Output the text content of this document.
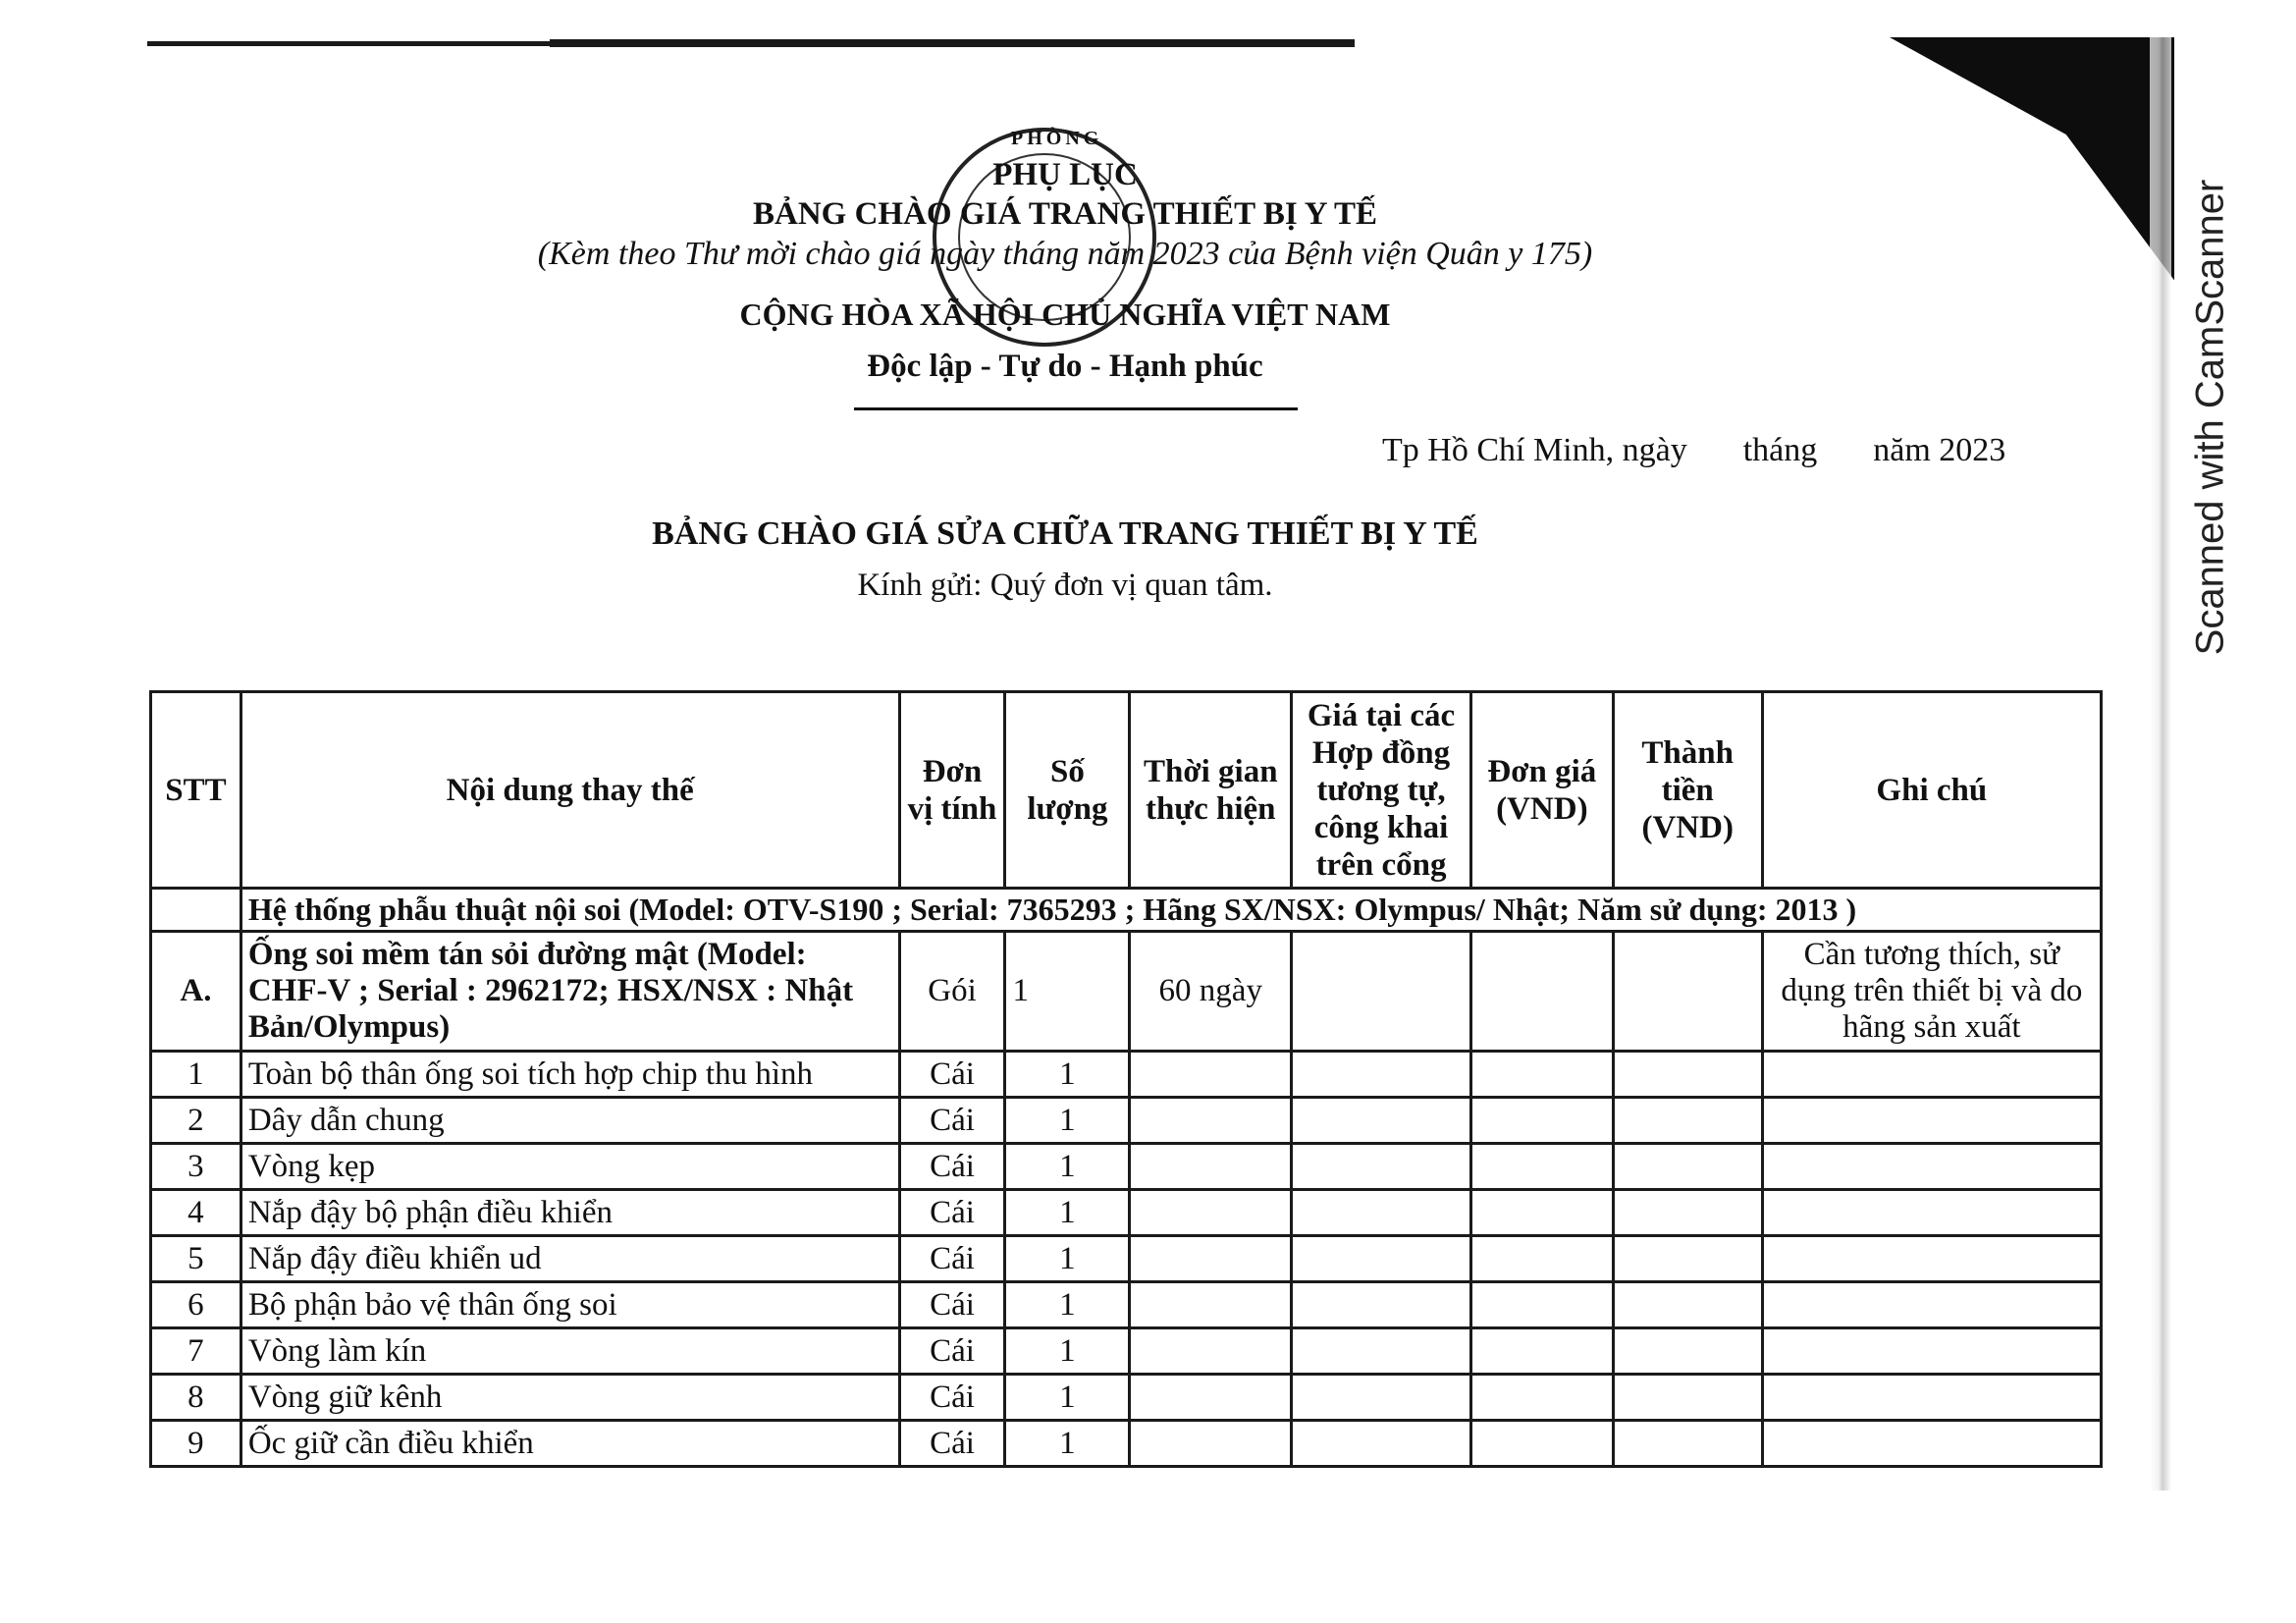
Scanned with CamScanner
PHÒNG
PHỤ LỤC
BẢNG CHÀO GIÁ TRANG THIẾT BỊ Y TẾ
(Kèm theo Thư mời chào giá ngày tháng năm 2023 của Bệnh viện Quân y 175)
CỘNG HÒA XÃ HỘI CHỦ NGHĨA VIỆT NAM
Độc lập - Tự do - Hạnh phúc
Tp Hồ Chí Minh, ngày tháng năm 2023
BẢNG CHÀO GIÁ SỬA CHỮA TRANG THIẾT BỊ Y TẾ
Kính gửi: Quý đơn vị quan tâm.
STT	Nội dung thay thế	Đơn vị tính	Số lượng	Thời gian thực hiện	Giá tại các Hợp đồng tương tự, công khai trên cổng	Đơn giá (VND)	Thành tiền (VND)	Ghi chú
	Hệ thống phẫu thuật nội soi (Model: OTV-S190 ; Serial: 7365293 ; Hãng SX/NSX: Olympus/ Nhật; Năm sử dụng: 2013 )							
A.	Ống soi mềm tán sỏi đường mật (Model: CHF-V ; Serial : 2962172; HSX/NSX : Nhật Bản/Olympus)	Gói	1	60 ngày				Cần tương thích, sử dụng trên thiết bị và do hãng sản xuất
1	Toàn bộ thân ống soi tích hợp chip thu hình	Cái	1					
2	Dây dẫn chung	Cái	1					
3	Vòng kẹp	Cái	1					
4	Nắp đậy bộ phận điều khiển	Cái	1					
5	Nắp đậy điều khiển ud	Cái	1					
6	Bộ phận bảo vệ thân ống soi	Cái	1					
7	Vòng làm kín	Cái	1					
8	Vòng giữ kênh	Cái	1					
9	Ốc giữ cần điều khiển	Cái	1					
